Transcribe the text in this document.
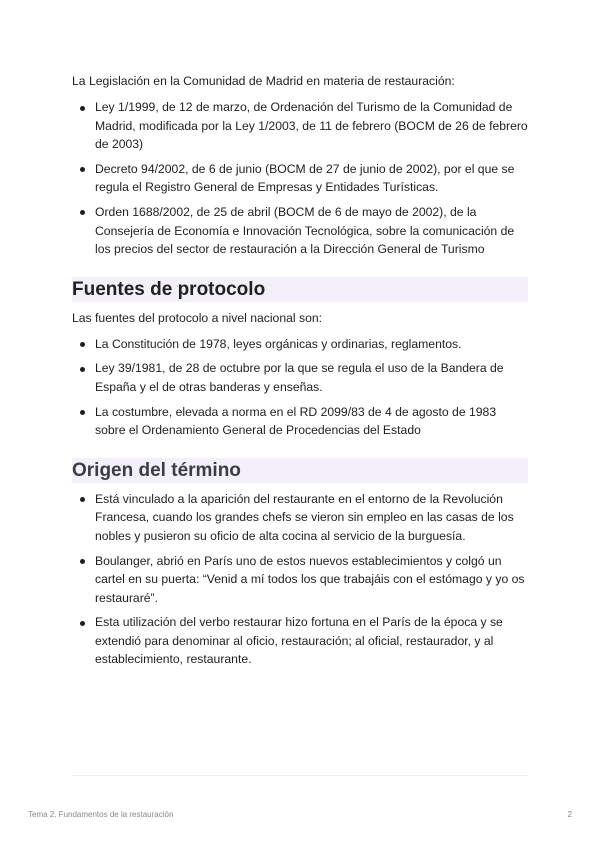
La Legislación en la Comunidad de Madrid en materia de restauración:

Ley 1/1999, de 12 de marzo, de Ordenación del Turismo de la Comunidad de Madrid, modificada por la Ley 1/2003, de 11 de febrero (BOCM de 26 de febrero de 2003)
Decreto 94/2002, de 6 de junio (BOCM de 27 de junio de 2002), por el que se regula el Registro General de Empresas y Entidades Turísticas.
Orden 1688/2002, de 25 de abril (BOCM de 6 de mayo de 2002), de la Consejería de Economía e Innovación Tecnológica, sobre la comunicación de los precios del sector de restauración a la Dirección General de Turismo
Fuentes de protocolo

Las fuentes del protocolo a nivel nacional son:

La Constitución de 1978, leyes orgánicas y ordinarias, reglamentos.
Ley 39/1981, de 28 de octubre por la que se regula el uso de la Bandera de España y el de otras banderas y enseñas.
La costumbre, elevada a norma en el RD 2099/83 de 4 de agosto de 1983 sobre el Ordenamiento General de Procedencias del Estado
Origen del término
Está vinculado a la aparición del restaurante en el entorno de la Revolución Francesa, cuando los grandes chefs se vieron sin empleo en las casas de los nobles y pusieron su oficio de alta cocina al servicio de la burguesía.
Boulanger, abrió en París uno de estos nuevos establecimientos y colgó un cartel en su puerta: “Venid a mí todos los que trabajáis con el estómago y yo os restauraré”.
Esta utilización del verbo restaurar hizo fortuna en el París de la época y se extendió para denominar al oficio, restauración; al oficial, restaurador, y al establecimiento, restaurante.
Tema 2. Fundamentos de la restauración	2
